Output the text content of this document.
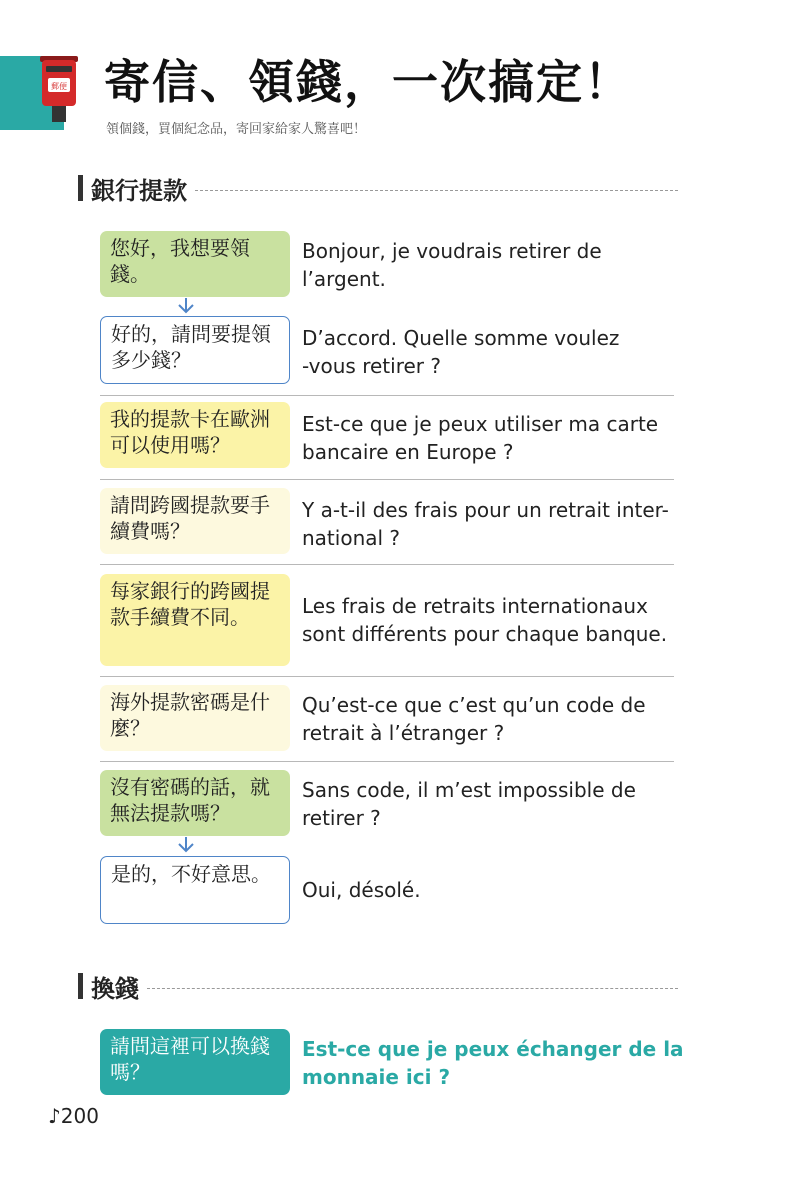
郵便 寄信、領錢，一次搞定！
領個錢，買個紀念品，寄回家給家人驚喜吧！
銀行提款
您好，我想要領錢。
Bonjour, je voudrais retirer de
l’argent.
好的，請問要提領多少錢？
D’accord. Quelle somme voulez
-vous retirer ?
我的提款卡在歐洲可以使用嗎？
Est-ce que je peux utiliser ma carte
bancaire en Europe ?
請問跨國提款要手續費嗎？
Y a-t-il des frais pour un retrait inter-
national ?
每家銀行的跨國提款手續費不同。	Les frais de retraits internationaux
sont différents pour chaque banque.
海外提款密碼是什麼？
Qu’est-ce que c’est qu’un code de
retrait à l’étranger ?
沒有密碼的話，就無法提款嗎？
Sans code, il m’est impossible de
retirer ?
是的，不好意思。
Oui, désolé.
換錢
請問這裡可以換錢嗎？
Est-ce que je peux échanger de la
monnaie ici ?
♪200
